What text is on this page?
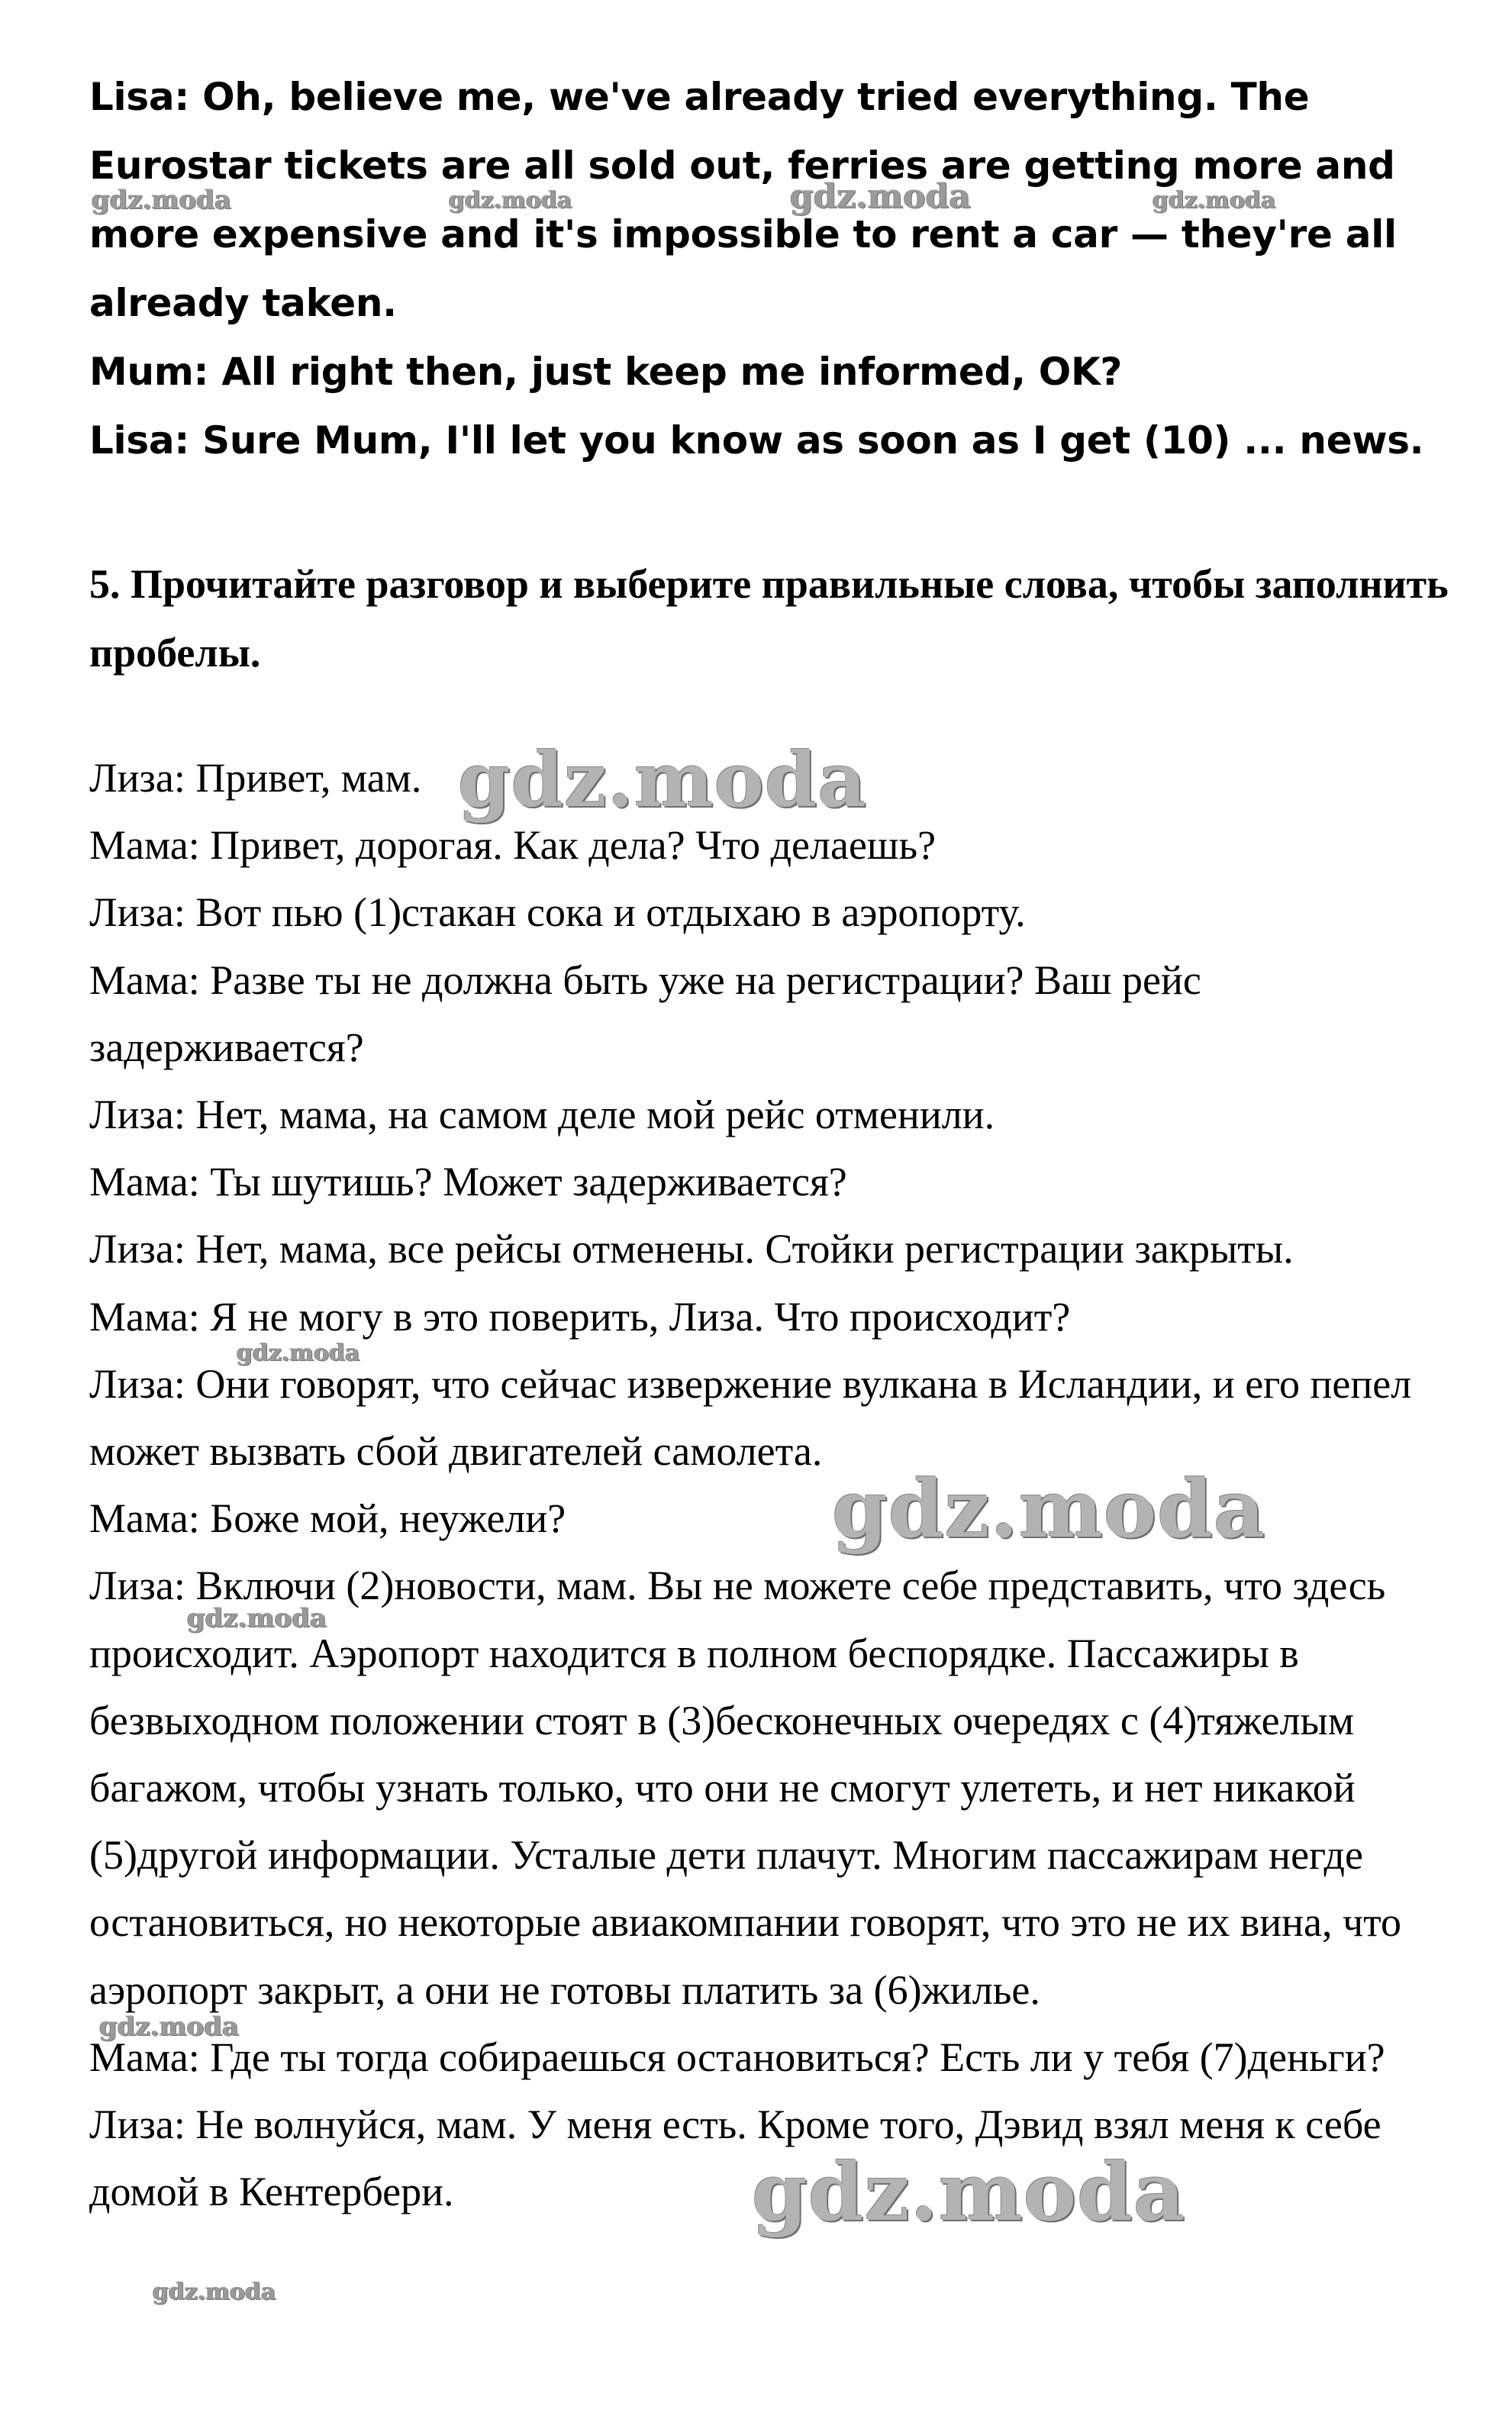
Lisa: Oh, believe me, we've already tried everything. The Eurostar tickets are all sold out, ferries are getting more and more expensive and it's impossible to rent a car — they're all already taken.

Mum: All right then, just keep me informed, OK?

Lisa: Sure Mum, I'll let you know as soon as I get (10) ... news.

5. Прочитайте разговор и выберите правильные слова, чтобы заполнить пробелы.

Лиза: Привет, мам.

Мама: Привет, дорогая. Как дела? Что делаешь?

Лиза: Вот пью (1)стакан сока и отдыхаю в аэропорту.

Мама: Разве ты не должна быть уже на регистрации? Ваш рейс задерживается?

Лиза: Нет, мама, на самом деле мой рейс отменили.

Мама: Ты шутишь? Может задерживается?

Лиза: Нет, мама, все рейсы отменены. Стойки регистрации закрыты.

Мама: Я не могу в это поверить, Лиза. Что происходит?

Лиза: Они говорят, что сейчас извержение вулкана в Исландии, и его пепел может вызвать сбой двигателей самолета.

Мама: Боже мой, неужели?

Лиза: Включи (2)новости, мам. Вы не можете себе представить, что здесь происходит. Аэропорт находится в полном беспорядке. Пассажиры в безвыходном положении стоят в (3)бесконечных очередях с (4)тяжелым багажом, чтобы узнать только, что они не смогут улететь, и нет никакой (5)другой информации. Усталые дети плачут. Многим пассажирам негде остановиться, но некоторые авиакомпании говорят, что это не их вина, что аэропорт закрыт, а они не готовы платить за (6)жилье.

Мама: Где ты тогда собираешься остановиться? Есть ли у тебя (7)деньги?

Лиза: Не волнуйся, мам. У меня есть. Кроме того, Дэвид взял меня к себе домой в Кентербери.

gdz.moda	gdz.moda	gdz.moda	gdz.moda
gdz.moda
gdz.moda
gdz.moda
gdz.moda
gdz.moda
gdz.moda
gdz.moda
